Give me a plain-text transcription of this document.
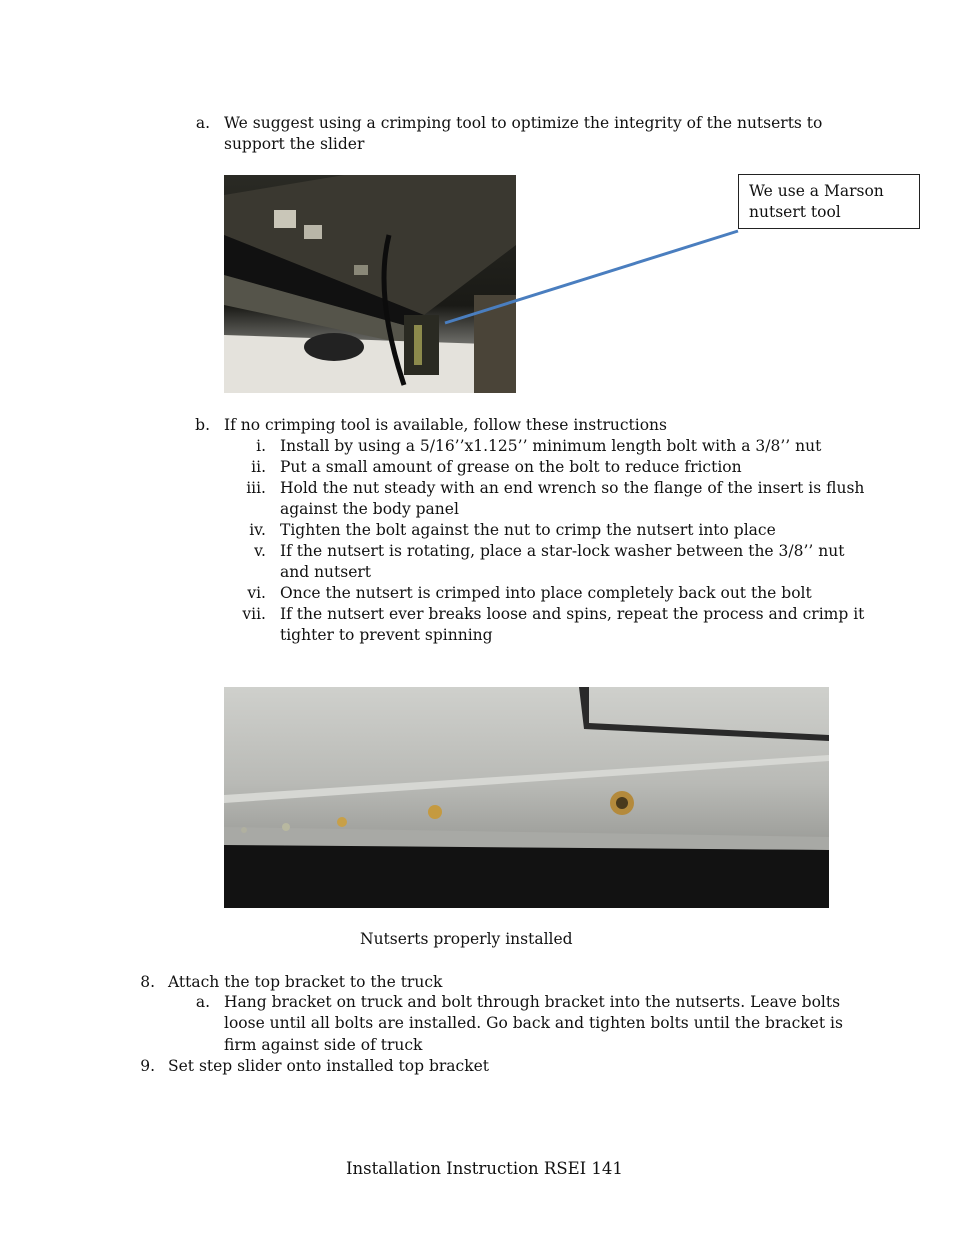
a. We suggest using a crimping tool to optimize the integrity of the nutserts to
support the slider
We use a Marson
nutsert tool
b. If no crimping tool is available, follow these instructions
i. Install by using a 5/16’’x1.125’’ minimum length bolt with a 3/8’’ nut
ii. Put a small amount of grease on the bolt to reduce friction
iii. Hold the nut steady with an end wrench so the flange of the insert is flush
against the body panel
iv. Tighten the bolt against the nut to crimp the nutsert into place
v. If the nutsert is rotating, place a star-lock washer between the 3/8’’ nut
and nutsert
vi. Once the nutsert is crimped into place completely back out the bolt
vii. If the nutsert ever breaks loose and spins, repeat the process and crimp it
tighter to prevent spinning
Nutserts properly installed
8. Attach the top bracket to the truck
a. Hang bracket on truck and bolt through bracket into the nutserts. Leave bolts
loose until all bolts are installed. Go back and tighten bolts until the bracket is
firm against side of truck
9. Set step slider onto installed top bracket
Installation Instruction RSEI 141
